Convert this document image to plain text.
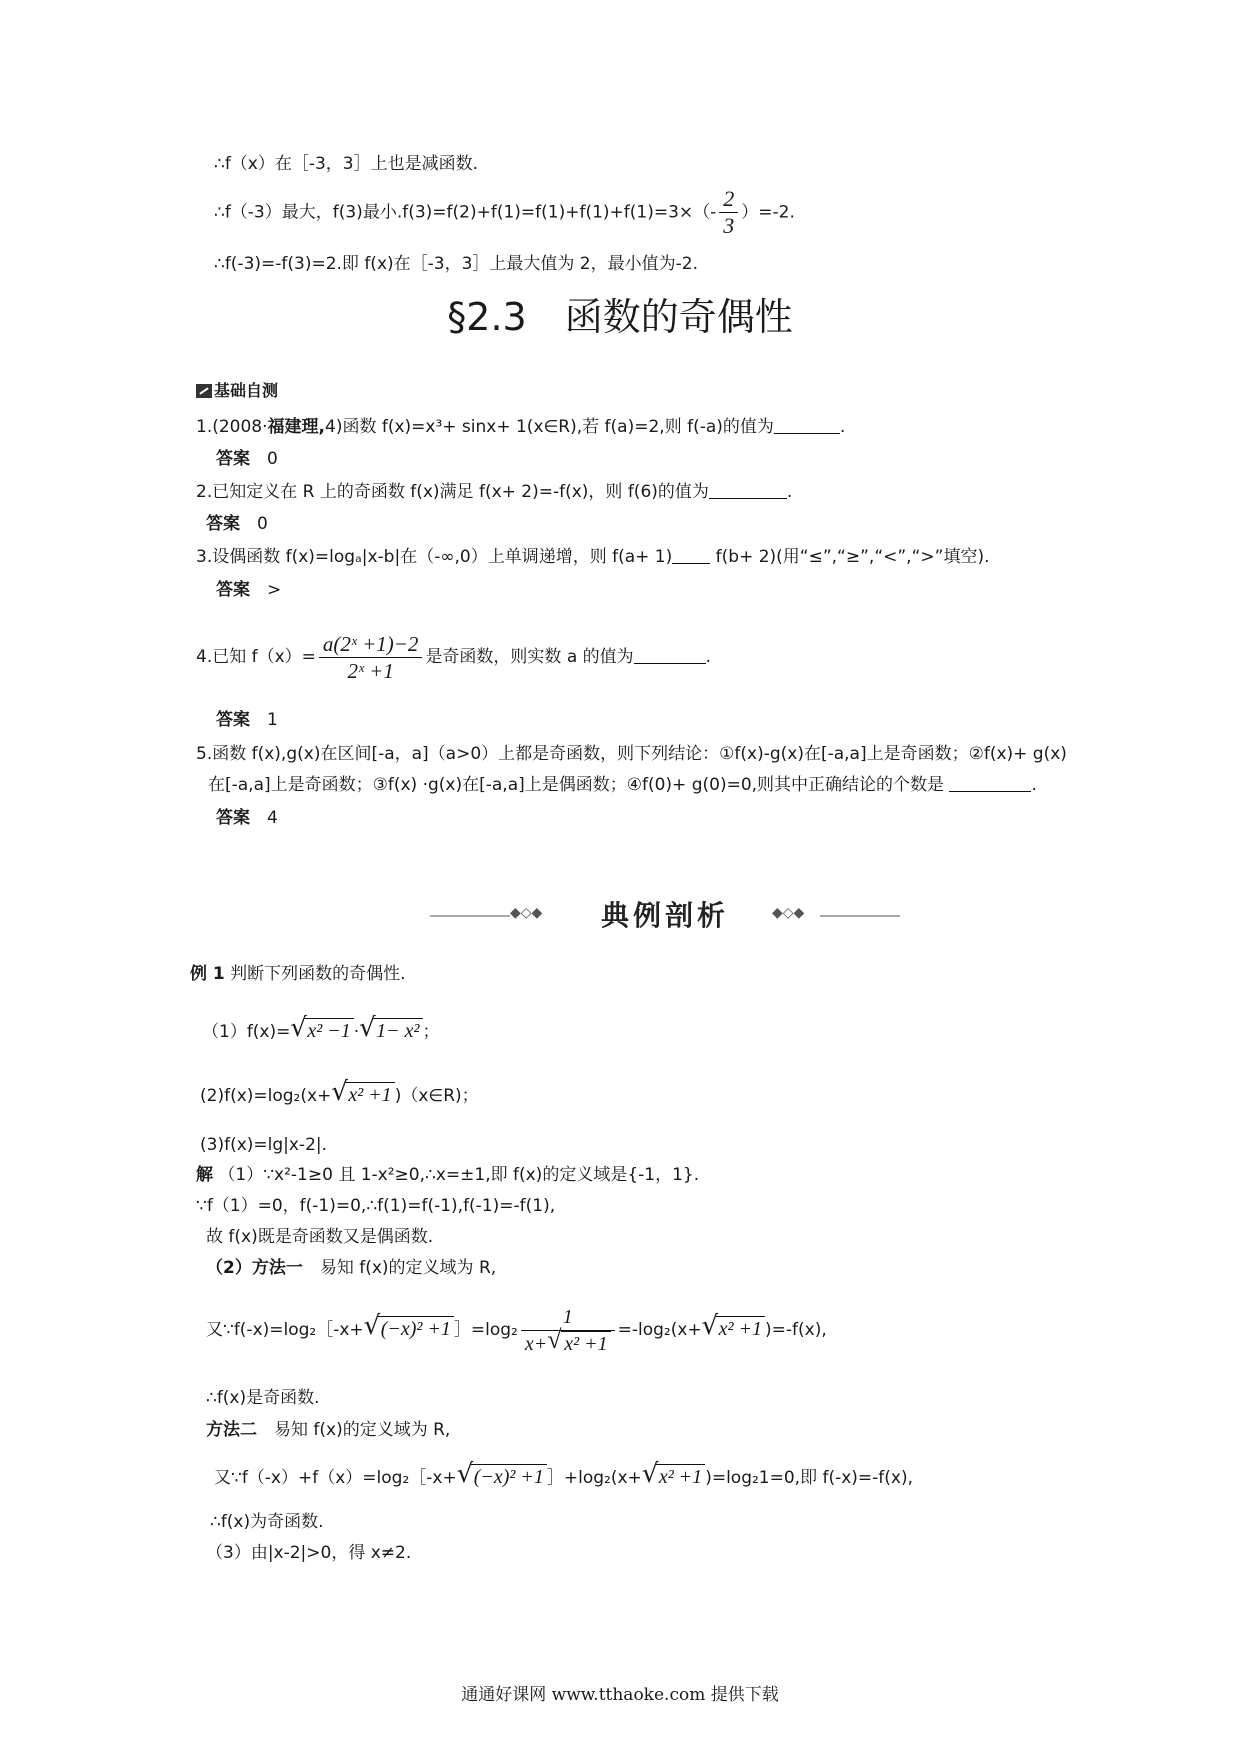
∴f（x）在［-3，3］上也是减函数.
∴f（-3）最大，f(3)最小$.f(3)=f(2)+f(1)=f(1)+f(1)+f(1)=3\times(- \frac{2}{3} )=-2$.
∴f(-3)=-f(3)=2.即 f(x)在［-3，3］上最大值为 2，最小值为-2.
§2.3　函数的奇偶性
基础自测
1.(2008·福建理,4)函数 f(x)=x³+ sinx+ 1(x∈R),若 f(a)=2,则 f(-a)的值为	.
答案　 0
2.已知定义在 R 上的奇函数 f(x)满足 f(x+ 2)=-f(x)，则 f(6)的值为	.
答案　 0
3.设偶函数 f(x)=logₐ|x-b|在（-∞,0）上单调递增，则 f(a+ 1)	f(b+ 2)(用“≤”,“≥”,“<”,“>”填空).
答案　 >
4.已知 $f(x)= \frac{\text{a(2ˣ +1)−2}}{\text{2ˣ +1}}$ 是奇函数，则实数 a 的值为	.
答案　 1
5.函数 f(x),g(x)在区间[-a，a]（a>0）上都是奇函数，则下列结论：①f(x)-g(x)在[-a,a]上是奇函数；②f(x)+ g(x)
在[-a,a]上是奇函数；③f(x) ·g(x)在[-a,a]上是偶函数；④f(0)+ g(0)=0,则其中正确结论的个数是	.
答案　 4
◆◇◆	◆◇◆
典例剖析
例 1 判断下列函数的奇偶性.
（1）f(x)= √ x² −1 · √ 1− x² ；
(2)f(x)=log₂(x+ √ x² +1 )（x∈R)；
(3)f(x)=lg|x-2|.
解 （1）∵x²-1≥0 且 1-x²≥0,∴x=±1,即 f(x)的定义域是{-1，1}.
∵f（1）=0，f(-1)=0,∴f(1)=f(-1),f(-1)=-f(1),
故 f(x)既是奇函数又是偶函数.
（2）方法一　 易知 f(x)的定义域为 R,
又∵f(-x)=log₂［-x+ √ (−x)² +1 ］=log₂ $\frac{1}{\text{x+ √ x² +1}} =-\log_2(x+$ √ x² +1 )=-f(x),
∴f(x)是奇函数.
方法二　 易知 f(x)的定义域为 R,
又∵f（-x）+f（x）=log₂［-x+ √ (−x)² +1 ］+log₂(x+ √ x² +1 )=log₂1=0,即 f(-x)=-f(x),
∴f(x)为奇函数.
（3）由|x-2|>0，得 x≠2.
通通好课网 www.tthaoke.com 提供下载
